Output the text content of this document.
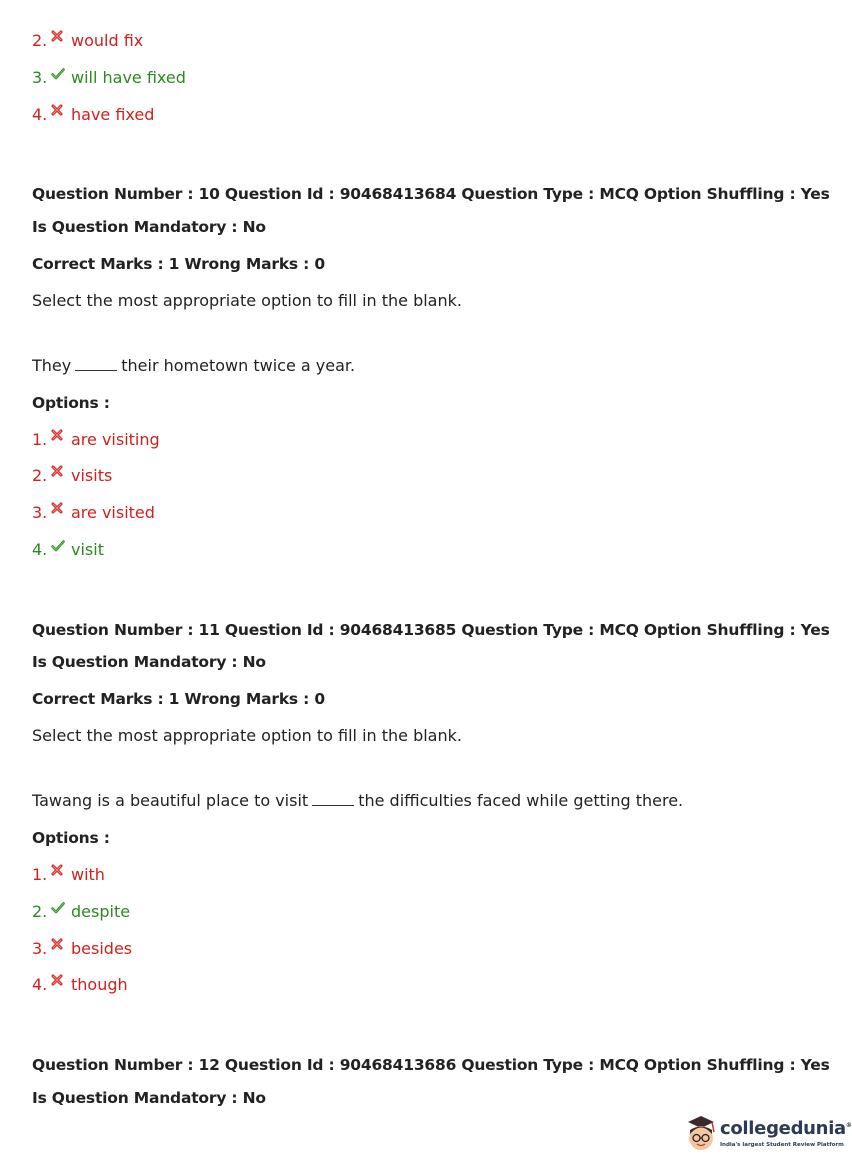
2. would fix
3. will have fixed
4. have fixed
Question Number : 10 Question Id : 90468413684 Question Type : MCQ Option Shuffling : Yes
Is Question Mandatory : No
Correct Marks : 1 Wrong Marks : 0
Select the most appropriate option to fill in the blank.
They	their hometown twice a year.
Options :
1. are visiting
2. visits
3. are visited
4. visit
Question Number : 11 Question Id : 90468413685 Question Type : MCQ Option Shuffling : Yes
Is Question Mandatory : No
Correct Marks : 1 Wrong Marks : 0
Select the most appropriate option to fill in the blank.
Tawang is a beautiful place to visit	the difficulties faced while getting there.
Options :
1. with
2. despite
3. besides
4. though
Question Number : 12 Question Id : 90468413686 Question Type : MCQ Option Shuffling : Yes
Is Question Mandatory : No
collegedunia®
India's largest Student Review Platform
